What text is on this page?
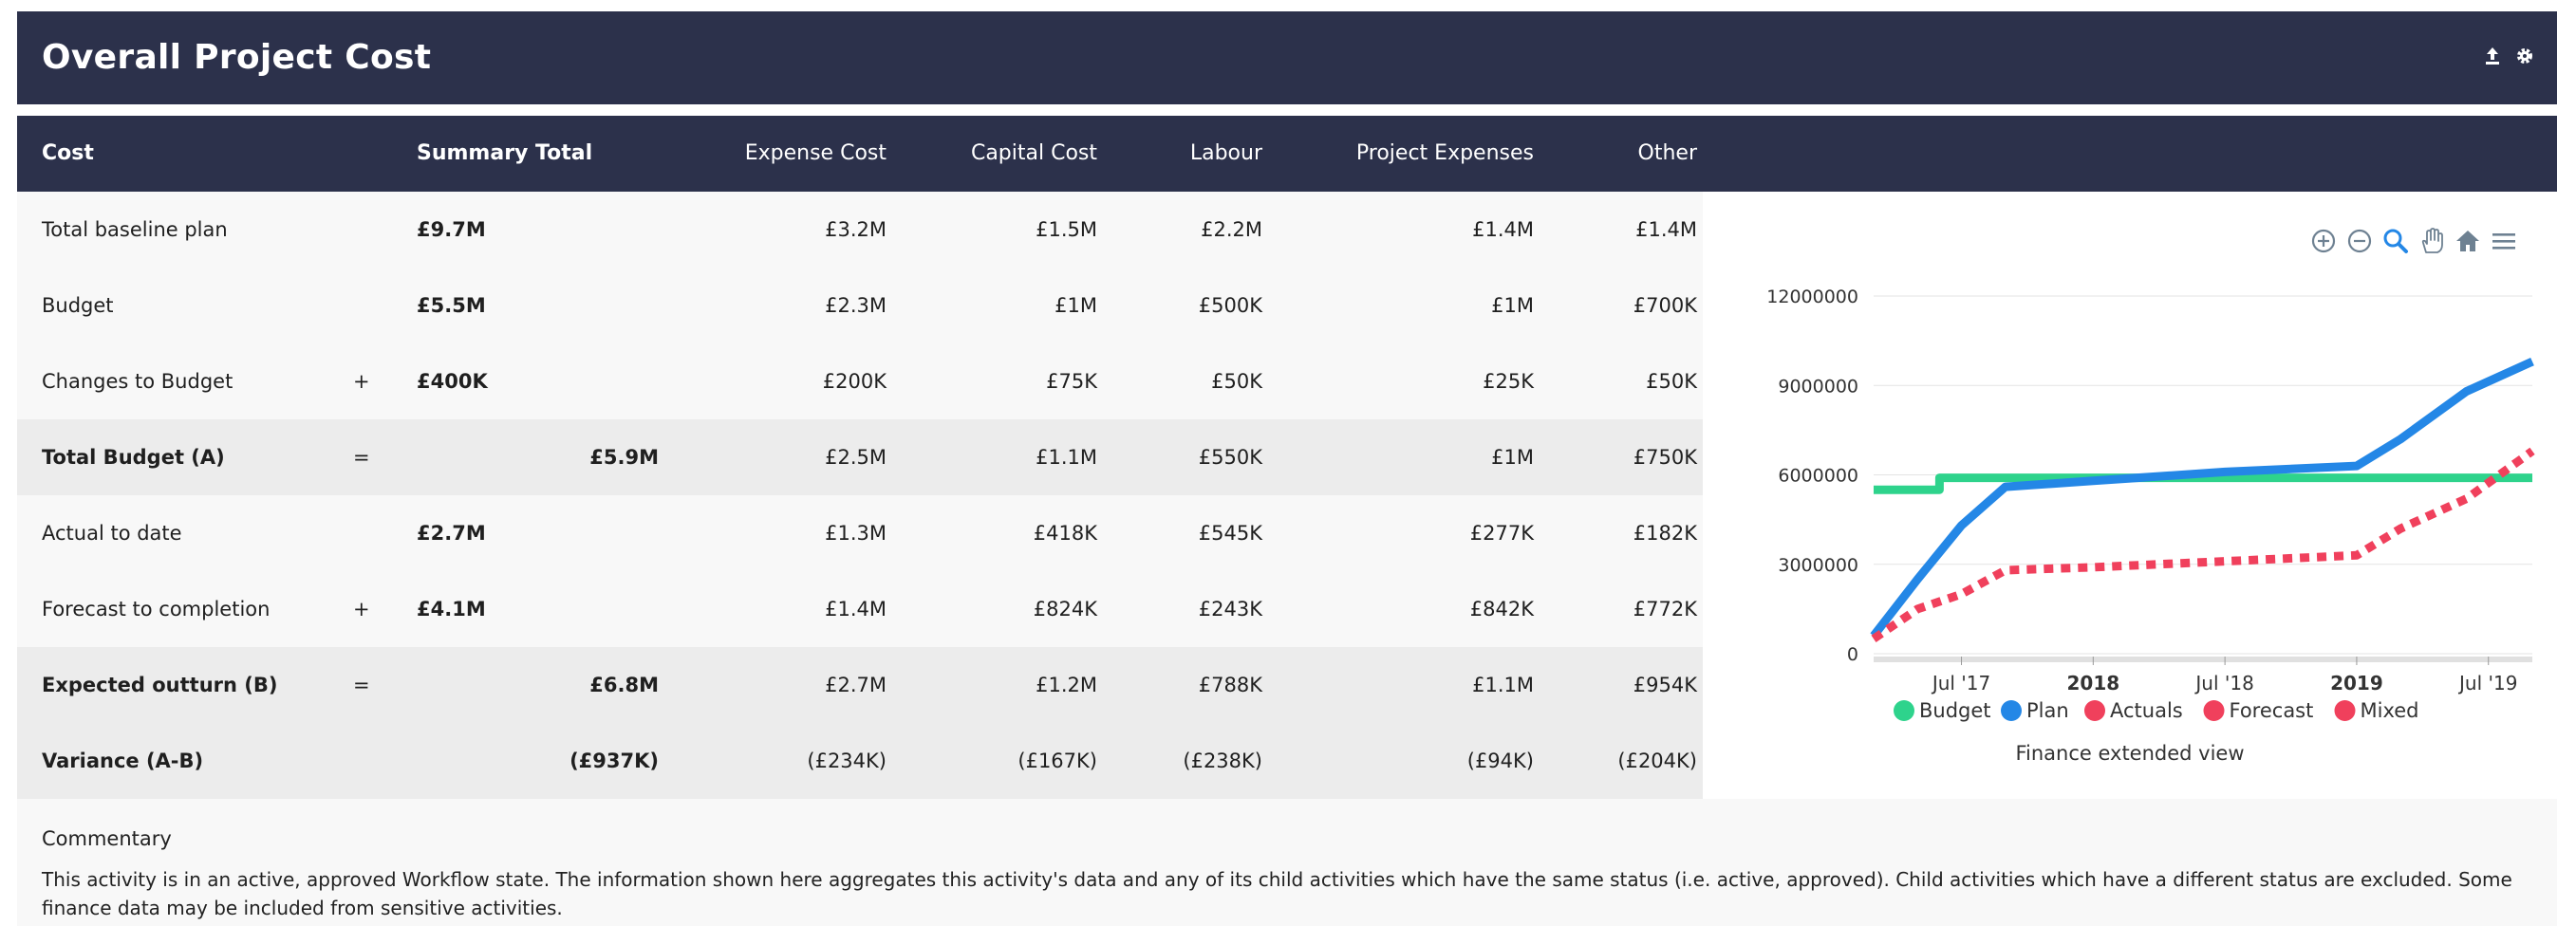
Overall Project Cost
Cost	Summary Total	Expense Cost	Capital Cost	Labour	Project Expenses	Other
Total baseline plan	£9.7M	£3.2M	£1.5M	£2.2M	£1.4M	£1.4M
Budget	£5.5M	£2.3M	£1M	£500K	£1M	£700K
Changes to Budget	+ £400K	£200K	£75K	£50K	£25K	£50K
Total Budget (A)	=	£5.9M	£2.5M	£1.1M	£550K	£1M	£750K
Actual to date	£2.7M	£1.3M	£418K	£545K	£277K	£182K
Forecast to completion	+ £4.1M	£1.4M	£824K	£243K	£842K	£772K
Expected outturn (B)	=	£6.8M	£2.7M	£1.2M	£788K	£1.1M	£954K
Variance (A-B)	(£937K)	(£234K)	(£167K)	(£238K)	(£94K)	(£204K)
0
3000000
6000000
9000000
12000000
Jul '17	2018	Jul '18	2019	Jul '19
Budget Plan Actuals Forecast Mixed
Finance extended view
Commentary
This activity is in an active, approved Workflow state. The information shown here aggregates this activity's data and any of its child activities which have the same status (i.e. active, approved). Child activities which have a different status are excluded. Some finance data may be included from sensitive activities.
